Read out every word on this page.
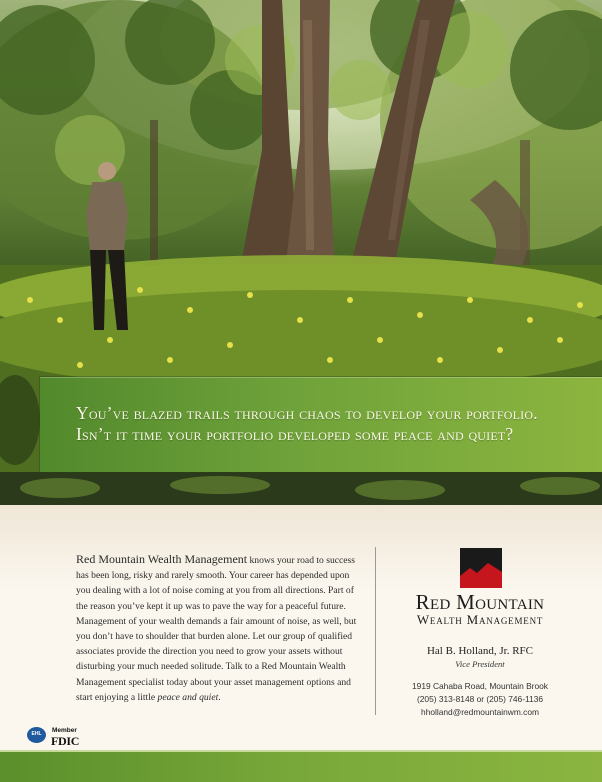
You’ve blazed trails through chaos to develop your portfolio.
Isn’t it time your portfolio developed some peace and quiet?

Red Mountain Wealth Management knows your road to success has been long, risky and rarely smooth. Your career has depended upon you dealing with a lot of noise coming at you from all directions. Part of the reason you’ve kept it up was to pave the way for a peaceful future. Management of your wealth demands a fair amount of noise, as well, but you don’t have to shoulder that burden alone. Let our group of qualified associates provide the direction you need to grow your assets without disturbing your much needed solitude. Talk to a Red Mountain Wealth Management specialist today about your asset management options and start enjoying a little peace and quiet.

Red Mountain
Wealth Management
Hal B. Holland, Jr. RFC
Vice President
1919 Cahaba Road, Mountain Brook
(205) 313-8148 or (205) 746-1136
hholland@redmountainwm.com
EHL	Member
FDIC
